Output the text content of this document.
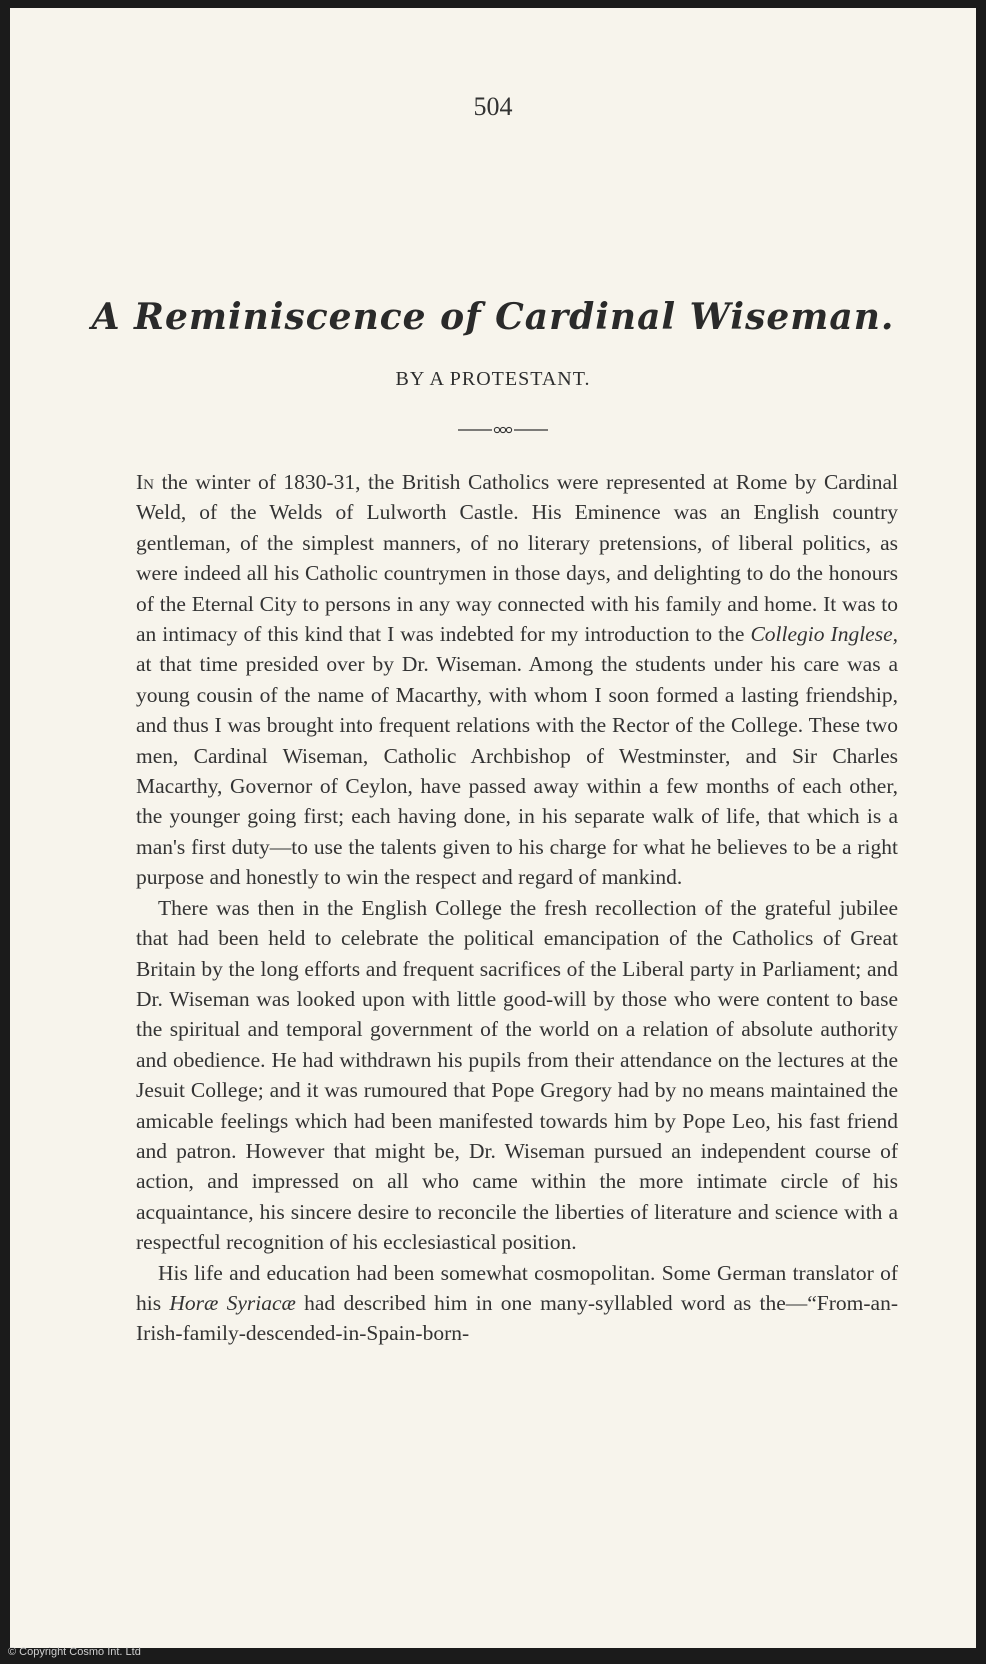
504
A Reminiscence of Cardinal Wiseman.
BY A PROTESTANT.

In the winter of 1830-31, the British Catholics were represented at Rome by Cardinal Weld, of the Welds of Lulworth Castle. His Eminence was an English country gentleman, of the simplest manners, of no literary pretensions, of liberal politics, as were indeed all his Catholic countrymen in those days, and delighting to do the honours of the Eternal City to persons in any way connected with his family and home. It was to an intimacy of this kind that I was indebted for my introduction to the Collegio Inglese, at that time presided over by Dr. Wiseman. Among the students under his care was a young cousin of the name of Macarthy, with whom I soon formed a lasting friendship, and thus I was brought into frequent relations with the Rector of the College. These two men, Cardinal Wiseman, Catholic Archbishop of Westminster, and Sir Charles Macarthy, Governor of Ceylon, have passed away within a few months of each other, the younger going first; each having done, in his separate walk of life, that which is a man's first duty—to use the talents given to his charge for what he believes to be a right purpose and honestly to win the respect and regard of mankind.

There was then in the English College the fresh recollection of the grateful jubilee that had been held to celebrate the political emancipation of the Catholics of Great Britain by the long efforts and frequent sacrifices of the Liberal party in Parliament; and Dr. Wiseman was looked upon with little good-will by those who were content to base the spiritual and temporal government of the world on a relation of absolute authority and obedience. He had withdrawn his pupils from their attendance on the lectures at the Jesuit College; and it was rumoured that Pope Gregory had by no means maintained the amicable feelings which had been manifested towards him by Pope Leo, his fast friend and patron. However that might be, Dr. Wiseman pursued an independent course of action, and impressed on all who came within the more intimate circle of his acquaintance, his sincere desire to reconcile the liberties of literature and science with a respectful recognition of his ecclesiastical position.

His life and education had been somewhat cosmopolitan. Some German translator of his Horæ Syriacæ had described him in one many-syllabled word as the—“From-an-Irish-family-descended-in-Spain-born-

© Copyright Cosmo Int. Ltd
